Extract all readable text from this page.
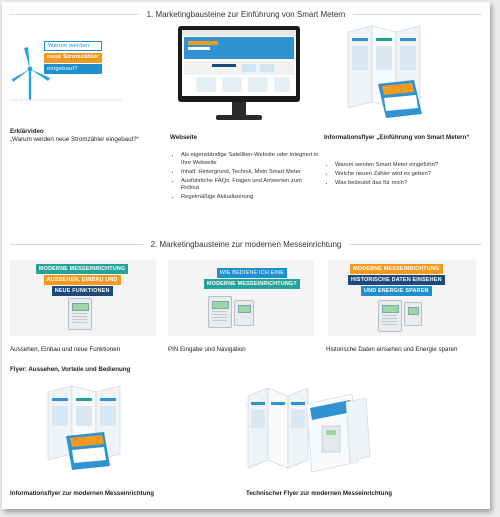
1. Marketingbausteine zur Einführung von Smart Metern
Warum werden
neue Stromzähler
eingebaut?
Erklärvideo
„Warum werden neue Stromzähler eingebaut?“	Webseite
• Als eigenständige Satelliten-Website oder integriert in Ihre Webseite
• Inhalt: Hintergrund, Technik, Mein Smart Meter
• Ausführliche FAQs: Fragen und Antworten zum Rollout
• Regelmäßige Aktualisierung
Informationsflyer „Einführung von Smart Metern“
• Warum werden Smart Meter eingeführt?
• Welche neuen Zähler wird es geben?
• Was bedeutet das für mich?
2. Marketingbausteine zur modernen Messeinrichtung
MODERNE MESSEINRICHTUNG
AUSSEHEN, EINBAU UND
NEUE FUNKTIONEN
Aussehen, Einbau und neue Funktionen
WIE BEDIENE ICH EINE
MODERNE MESSEINRICHTUNG?
PIN Eingabe und Navigation
MODERNE MESSEINRICHTUNG
HISTORISCHE DATEN EINSEHEN
UND ENERGIE SPAREN
Historische Daten einsehen und Energie sparen
Flyer: Aussehen, Vorteile und Bedienung
Informationsflyer zur modernen Messeinrichtung	Technischer Flyer zur modernen Messeinrichtung
